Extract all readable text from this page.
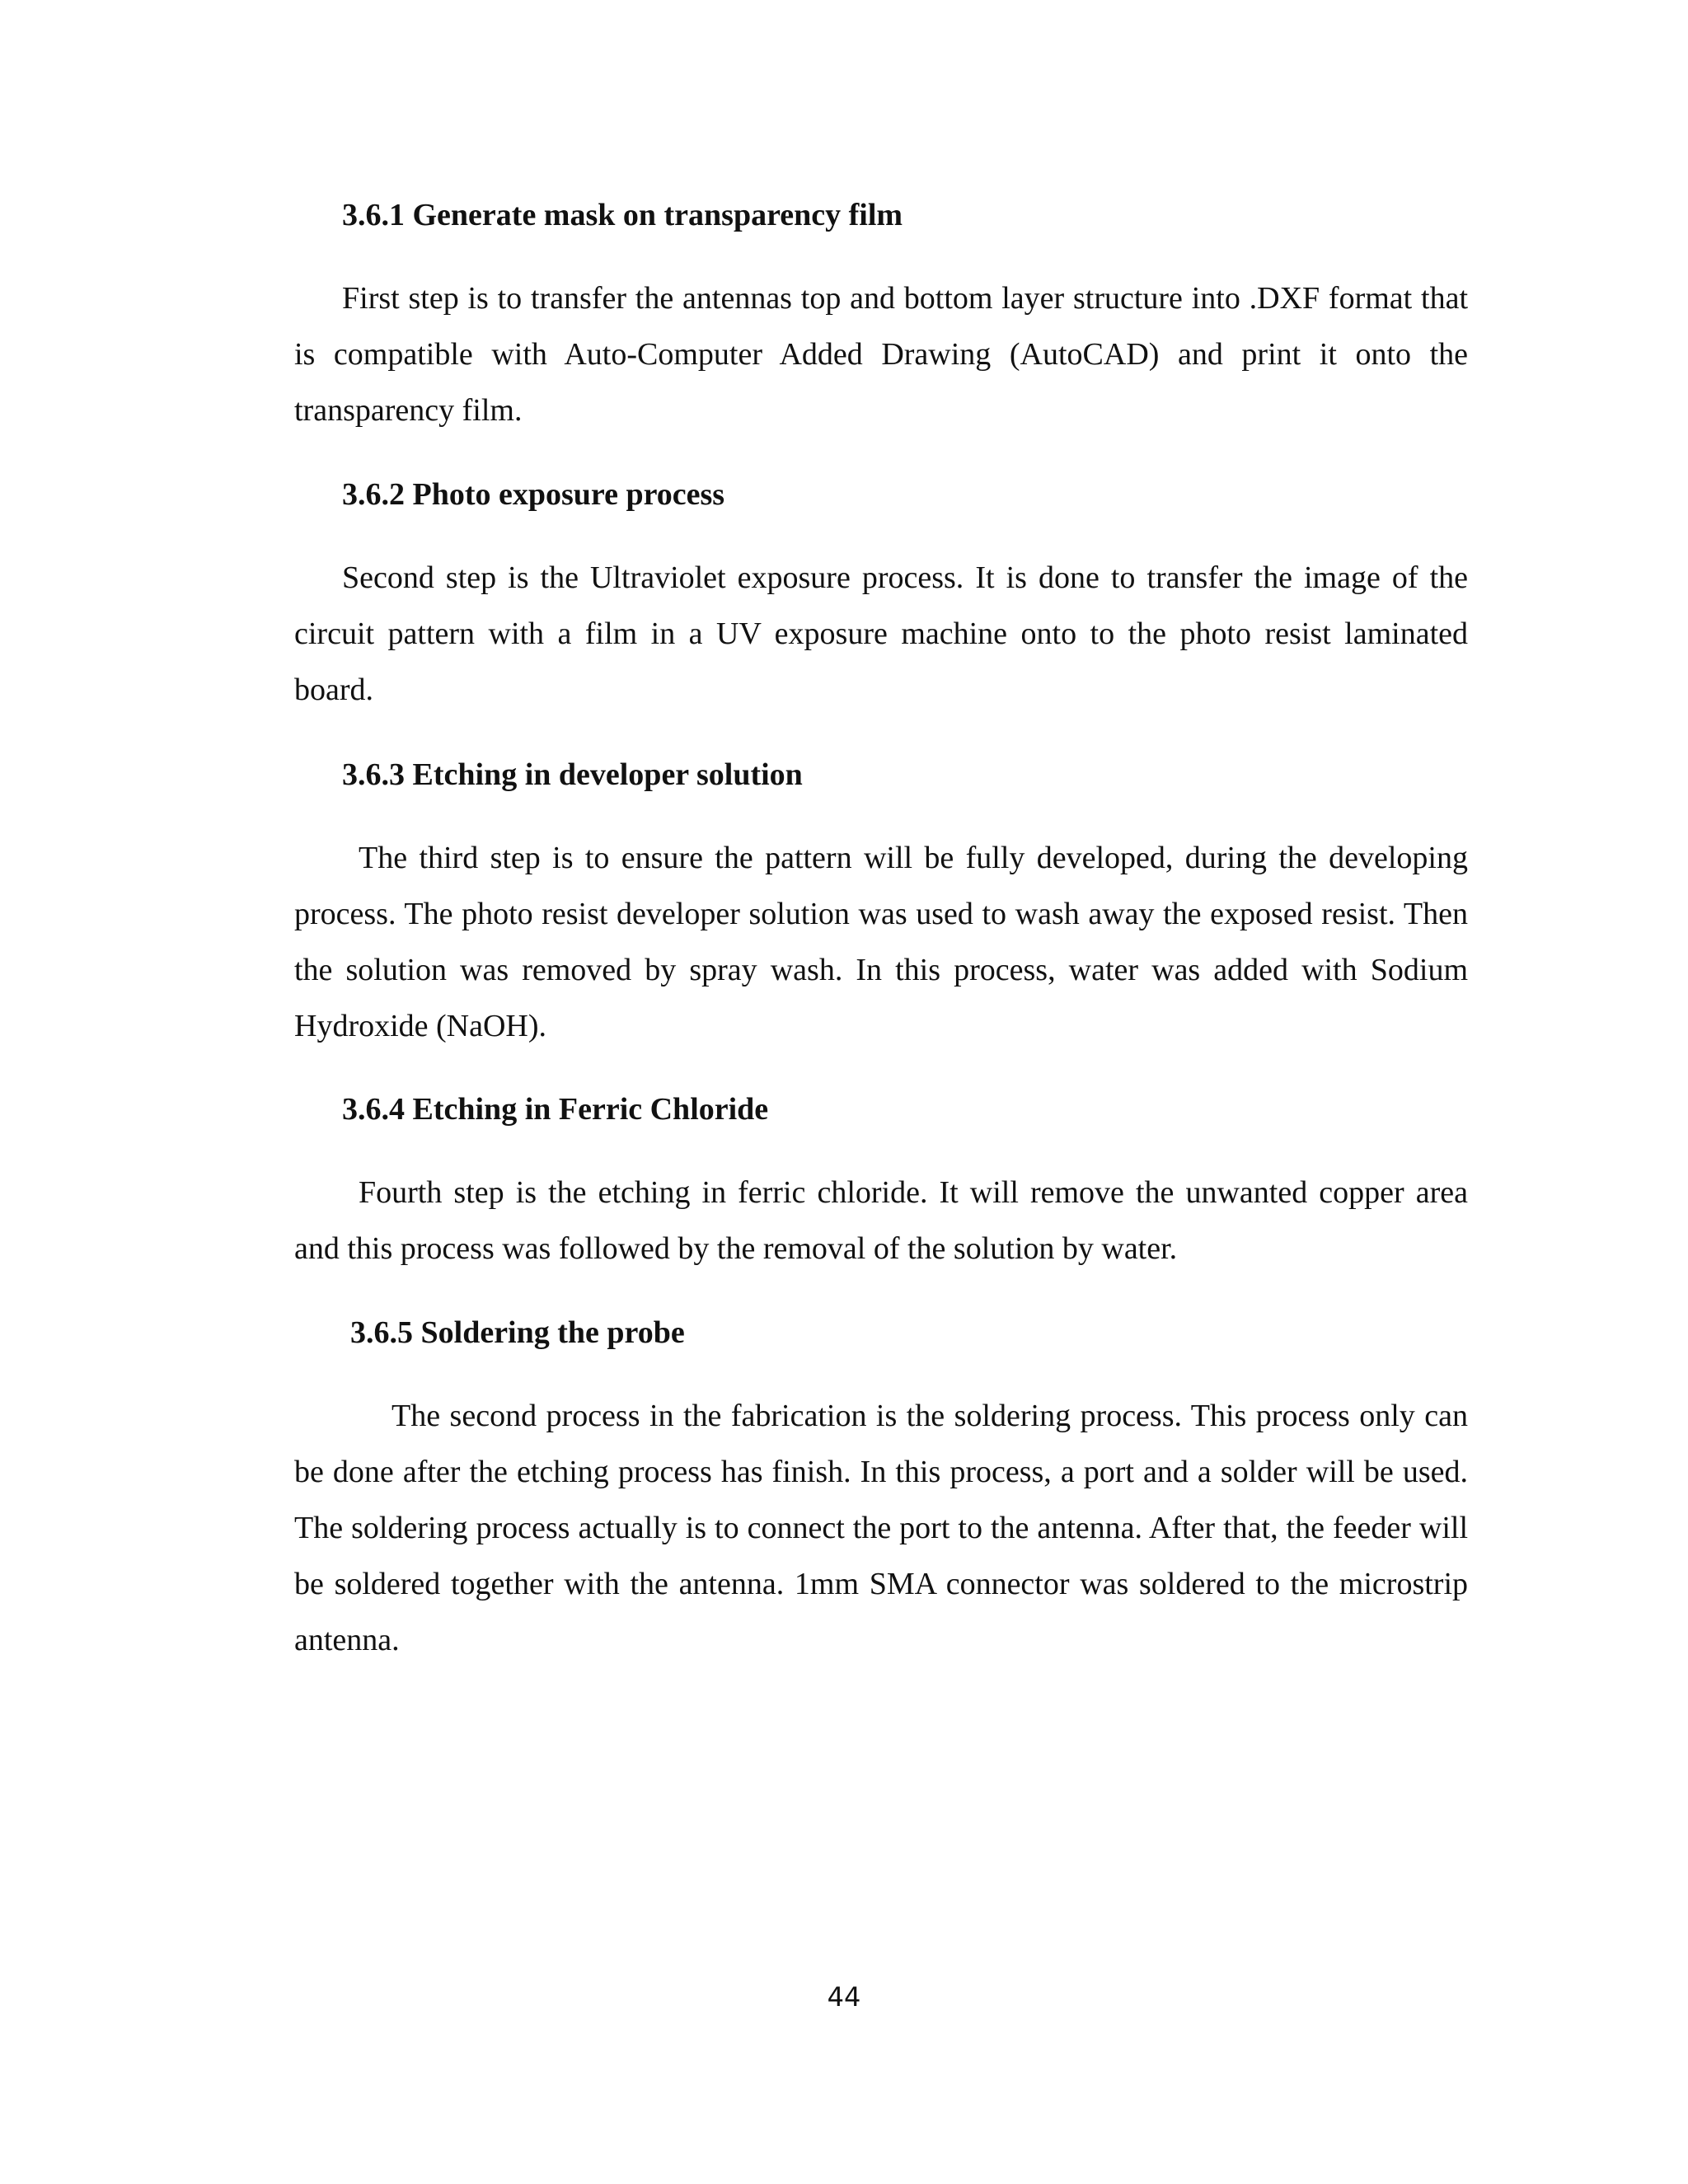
3.6.1 Generate mask on transparency film

First step is to transfer the antennas top and bottom layer structure into .DXF format that is compatible with Auto-Computer Added Drawing (AutoCAD) and print it onto the transparency film.

3.6.2 Photo exposure process

Second step is the Ultraviolet exposure process. It is done to transfer the image of the circuit pattern with a film in a UV exposure machine onto to the photo resist laminated board.

3.6.3 Etching in developer solution

The third step is to ensure the pattern will be fully developed, during the developing process. The photo resist developer solution was used to wash away the exposed resist. Then the solution was removed by spray wash. In this process, water was added with Sodium Hydroxide (NaOH).

3.6.4 Etching in Ferric Chloride

Fourth step is the etching in ferric chloride. It will remove the unwanted copper area and this process was followed by the removal of the solution by water.

3.6.5 Soldering the probe

The second process in the fabrication is the soldering process. This process only can be done after the etching process has finish. In this process, a port and a solder will be used. The soldering process actually is to connect the port to the antenna. After that, the feeder will be soldered together with the antenna. 1mm SMA connector was soldered to the microstrip antenna.

44
